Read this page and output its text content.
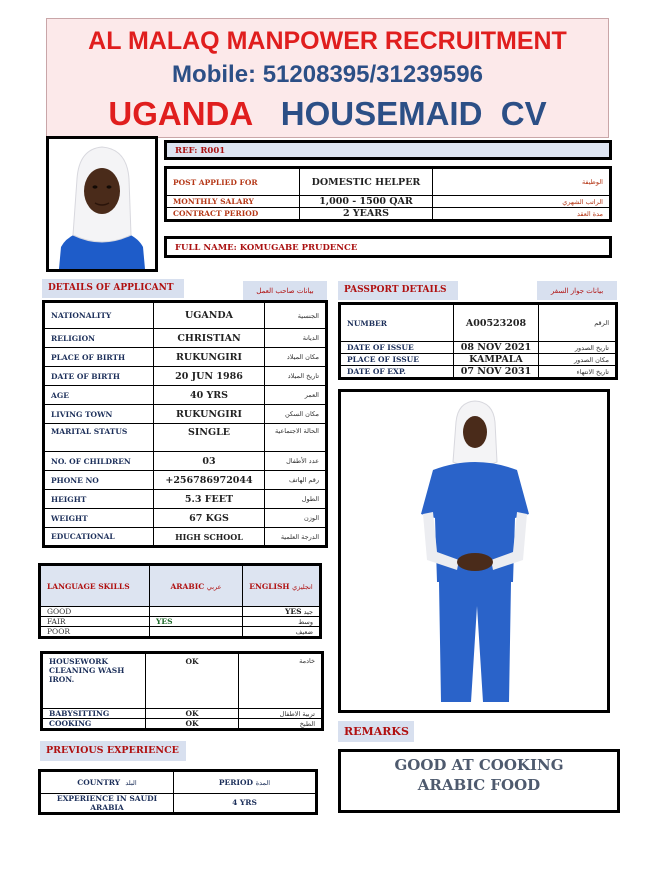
AL MALAQ MANPOWER RECRUITMENT
Mobile: 51208395/31239596
UGANDA HOUSEMAID  CV
REF: R001
POST APPLIED FOR	DOMESTIC HELPER	الوظيفة
MONTHLY SALARY	1,000 - 1500 QAR	الراتب الشهري
CONTRACT PERIOD	2 YEARS	مدة العقد
FULL NAME: KOMUGABE PRUDENCE
DETAILS OF APPLICANT	بيانات صاحب العمل
NATIONALITY	UGANDA	الجنسية
RELIGION	CHRISTIAN	الديانة
PLACE OF BIRTH	RUKUNGIRI	مكان الميلاد
DATE OF BIRTH	20 JUN 1986	تاريخ الميلاد
AGE	40 YRS	العمر
LIVING TOWN	RUKUNGIRI	مكان السكن
MARITAL STATUS	SINGLE	الحالة الاجتماعية
NO. OF CHILDREN	03	عدد الأطفال
PHONE NO	+256786972044	رقم الهاتف
HEIGHT	5.3 FEET	الطول
WEIGHT	67 KGS	الوزن
EDUCATIONAL	HIGH SCHOOL	الدرجة العلمية
PASSPORT DETAILS	بيانات جواز السفر
NUMBER	A00523208	الرقم
DATE OF ISSUE	08 NOV 2021	تاريخ الصدور
PLACE OF ISSUE	KAMPALA	مكان الصدور
DATE OF EXP.	07 NOV 2031	تاريخ الانتهاء
LANGUAGE SKILLS	ARABIC عربي	ENGLISH انجليزي
GOOD		YES جيد
FAIR	YES	وسط
POOR		ضعيف
HOUSEWORK CLEANING WASH IRON.	OK	خادمة
BABYSITTING	OK	تربية الاطفال
COOKING	OK	الطبخ
PREVIOUS EXPERIENCE
COUNTRY البلد	PERIOD المدة
EXPERIENCE IN SAUDI ARABIA	4 YRS
REMARKS
GOOD AT COOKING ARABIC FOOD
